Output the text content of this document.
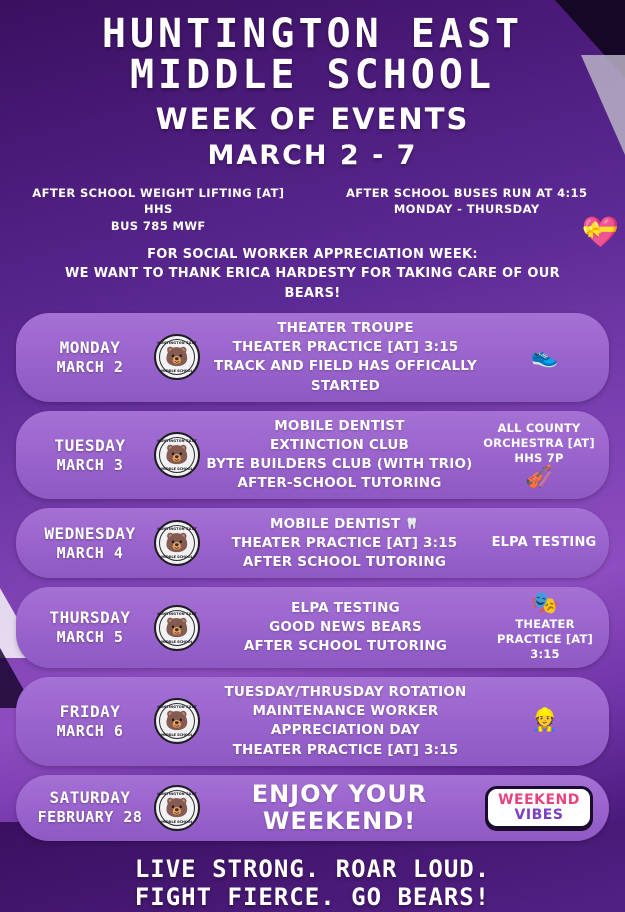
💝
HUNTINGTON EAST
MIDDLE SCHOOL
WEEK OF EVENTS
MARCH 2 - 7
AFTER SCHOOL WEIGHT LIFTING [AT] HHS
BUS 785 MWF
AFTER SCHOOL BUSES RUN AT 4:15
MONDAY - THURSDAY
FOR SOCIAL WORKER APPRECIATION WEEK:
WE WANT TO THANK ERICA HARDESTY FOR TAKING CARE OF OUR BEARS!
MONDAY
MARCH 2
HUNTINGTON EAST
🐻
MIDDLE SCHOOL
THEATER TROUPE
THEATER PRACTICE [AT] 3:15
TRACK AND FIELD HAS OFFICALLY STARTED
👟
TUESDAY
MARCH 3
HUNTINGTON EAST
🐻
MIDDLE SCHOOL
MOBILE DENTIST
EXTINCTION CLUB
BYTE BUILDERS CLUB (WITH TRIO)
AFTER-SCHOOL TUTORING
ALL COUNTY ORCHESTRA [AT] HHS 7P
🎻
WEDNESDAY
MARCH 4
HUNTINGTON EAST
🐻
MIDDLE SCHOOL
MOBILE DENTIST 🦷
THEATER PRACTICE [AT] 3:15
AFTER SCHOOL TUTORING
ELPA TESTING
THURSDAY
MARCH 5
HUNTINGTON EAST
🐻
MIDDLE SCHOOL
ELPA TESTING
GOOD NEWS BEARS
AFTER SCHOOL TUTORING
🎭
THEATER PRACTICE [AT] 3:15
FRIDAY
MARCH 6
HUNTINGTON EAST
🐻
MIDDLE SCHOOL
TUESDAY/THRUSDAY ROTATION
MAINTENANCE WORKER APPRECIATION DAY
THEATER PRACTICE [AT] 3:15
👷
SATURDAY
FEBRUARY 28
HUNTINGTON EAST
🐻
MIDDLE SCHOOL
ENJOY YOUR
WEEKEND!
WEEKEND
VIBES
LIVE STRONG. ROAR LOUD.
FIGHT FIERCE. GO BEARS!
